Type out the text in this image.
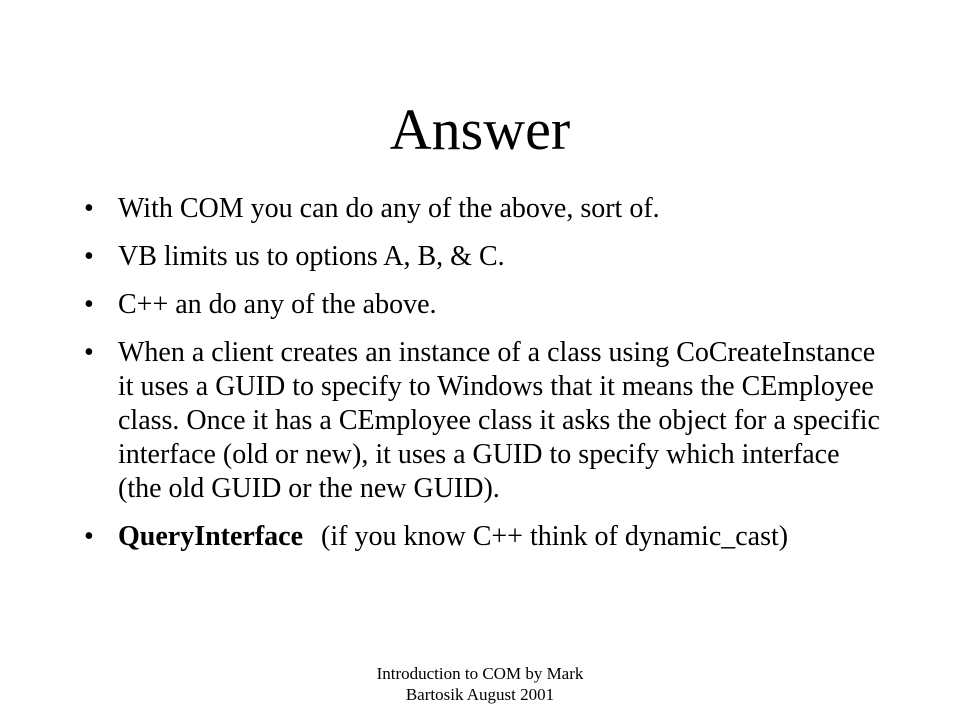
Answer
• With COM you can do any of the above, sort of.
• VB limits us to options A, B, & C.
• C++ an do any of the above.
• When a client creates an instance of a class using CoCreateInstance it uses a GUID to specify to Windows that it means the CEmployee class. Once it has a CEmployee class it asks the object for a specific interface (old or new), it uses a GUID to specify which interface (the old GUID or the new GUID).
• QueryInterface (if you know C++ think of dynamic_cast)
Introduction to COM by Mark
Bartosik August 2001
